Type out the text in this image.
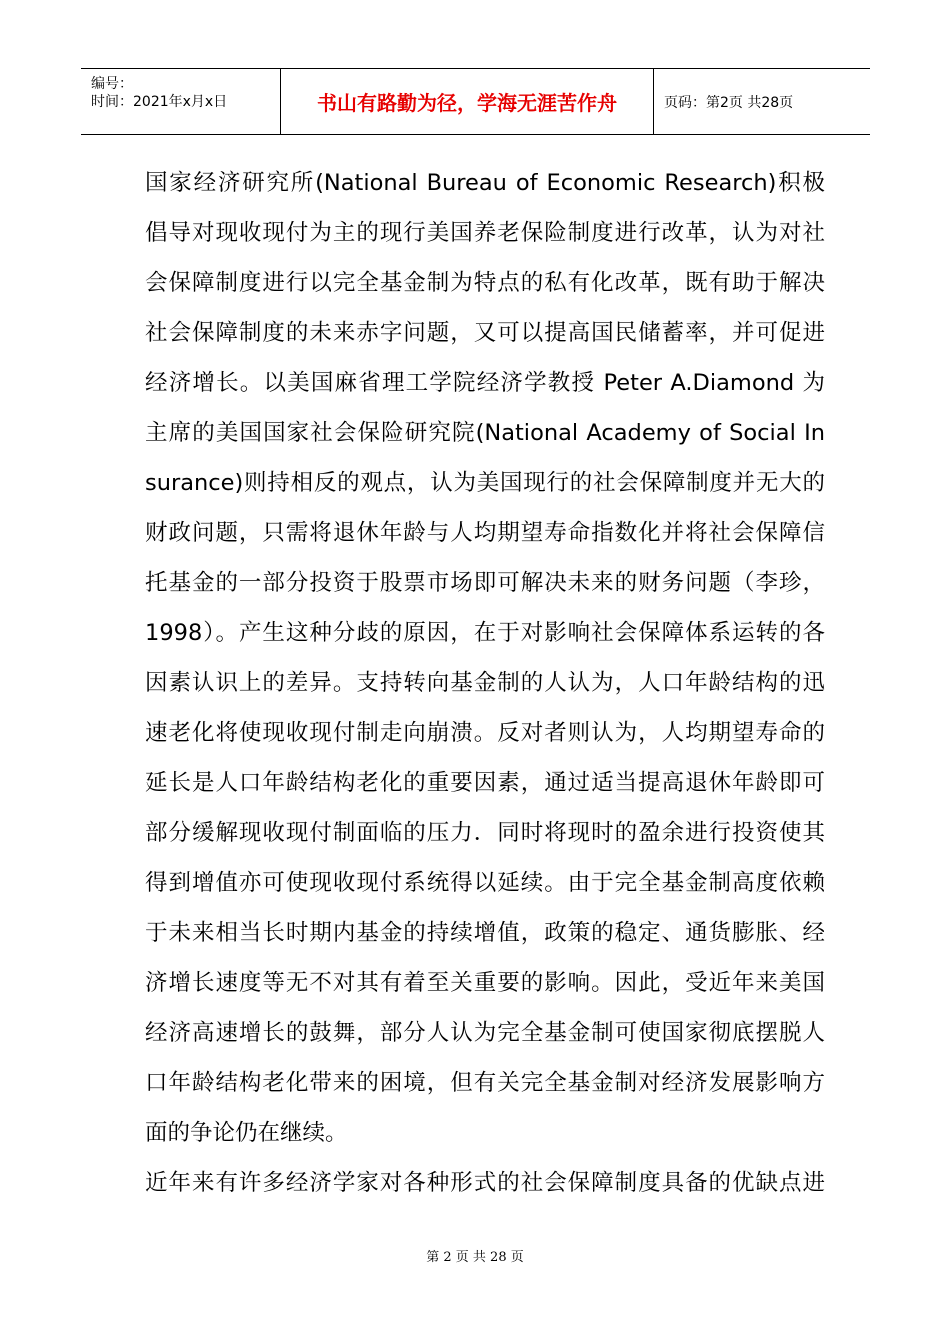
编号：
时间：2021年x月x日	书山有路勤为径，学海无涯苦作舟	页码：第2页 共28页
国家经济研究所(National Bureau of Economic Research)积极
倡导对现收现付为主的现行美国养老保险制度进行改革，认为对社
会保障制度进行以完全基金制为特点的私有化改革，既有助于解决
社会保障制度的未来赤字问题，又可以提高国民储蓄率，并可促进
经济增长。以美国麻省理工学院经济学教授 Peter A.Diamond 为
主席的美国国家社会保险研究院(National Academy of Social In
surance)则持相反的观点，认为美国现行的社会保障制度并无大的
财政问题，只需将退休年龄与人均期望寿命指数化并将社会保障信
托基金的一部分投资于股票市场即可解决未来的财务问题（李珍，
1998）。产生这种分歧的原因，在于对影响社会保障体系运转的各
因素认识上的差异。支持转向基金制的人认为，人口年龄结构的迅
速老化将使现收现付制走向崩溃。反对者则认为，人均期望寿命的
延长是人口年龄结构老化的重要因素，通过适当提高退休年龄即可
部分缓解现收现付制面临的压力．同时将现时的盈余进行投资使其
得到增值亦可使现收现付系统得以延续。由于完全基金制高度依赖
于未来相当长时期内基金的持续增值，政策的稳定、通货膨胀、经
济增长速度等无不对其有着至关重要的影响。因此，受近年来美国
经济高速增长的鼓舞，部分人认为完全基金制可使国家彻底摆脱人
口年龄结构老化带来的困境，但有关完全基金制对经济发展影响方
面的争论仍在继续。
近年来有许多经济学家对各种形式的社会保障制度具备的优缺点进
第 2 页 共 28 页
